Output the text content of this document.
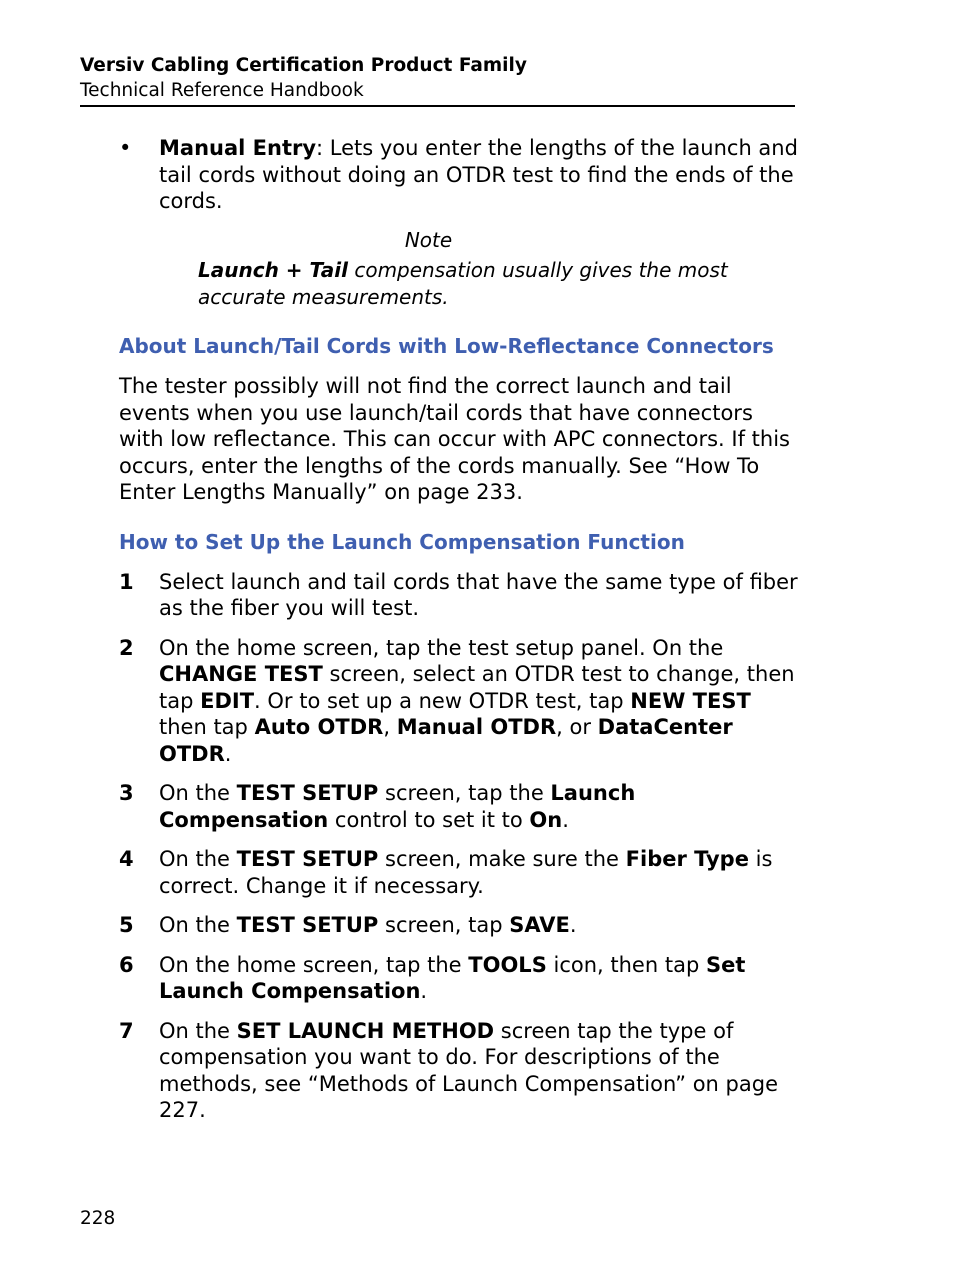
Versiv Cabling Certification Product Family
Technical Reference Handbook
• Manual Entry: Lets you enter the lengths of the launch and tail cords without doing an OTDR test to find the ends of the cords.
Note
Launch + Tail compensation usually gives the most accurate measurements.
About Launch/Tail Cords with Low-Reflectance Connectors

The tester possibly will not find the correct launch and tail events when you use launch/tail cords that have connectors with low reflectance. This can occur with APC connectors. If this occurs, enter the lengths of the cords manually. See “How To Enter Lengths Manually” on page 233.

How to Set Up the Launch Compensation Function
1 Select launch and tail cords that have the same type of fiber as the fiber you will test.
2 On the home screen, tap the test setup panel. On the CHANGE TEST screen, select an OTDR test to change, then tap EDIT. Or to set up a new OTDR test, tap NEW TEST then tap Auto OTDR, Manual OTDR, or DataCenter OTDR.
3 On the TEST SETUP screen, tap the Launch Compensation control to set it to On.
4 On the TEST SETUP screen, make sure the Fiber Type is correct. Change it if necessary.
5 On the TEST SETUP screen, tap SAVE.
6 On the home screen, tap the TOOLS icon, then tap Set Launch Compensation.
7 On the SET LAUNCH METHOD screen tap the type of compensation you want to do. For descriptions of the methods, see “Methods of Launch Compensation” on page 227.
228
